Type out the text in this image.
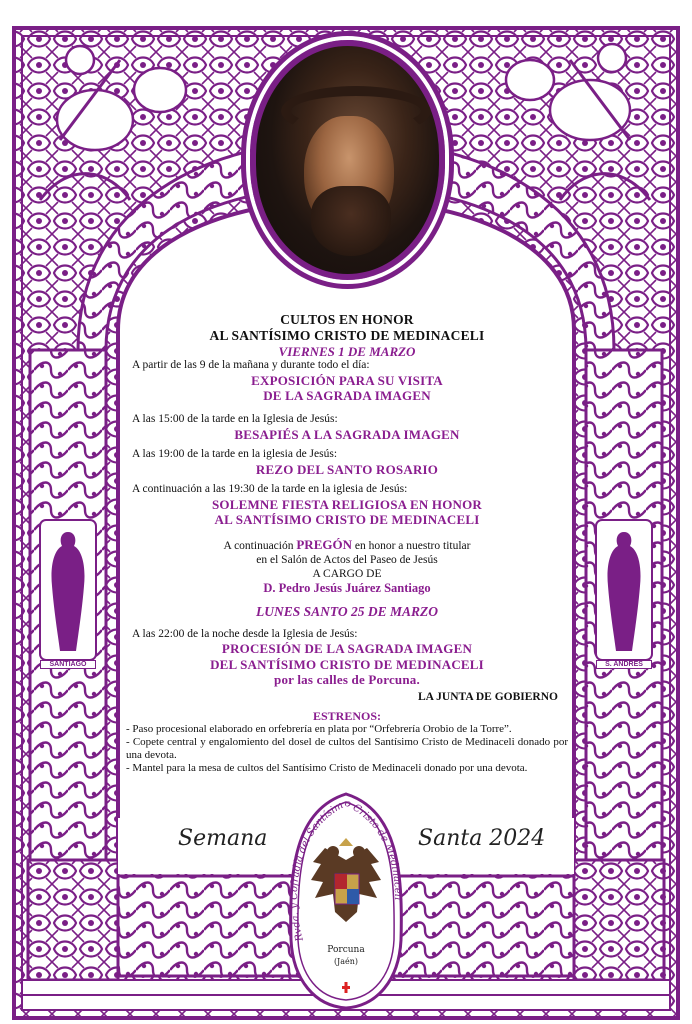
SANTIAGO	S. ANDRÉS
CULTOS EN HONOR
AL SANTÍSIMO CRISTO DE MEDINACELI
VIERNES 1 DE MARZO
A partir de las 9 de la mañana y durante todo el día:
EXPOSICIÓN PARA SU VISITA
DE LA SAGRADA IMAGEN
A las 15:00 de la tarde en la Iglesia de Jesús:
BESAPIÉS A LA SAGRADA IMAGEN
A las 19:00 de la tarde en la iglesia de Jesús:
REZO DEL SANTO ROSARIO
A continuación a las 19:30 de la tarde en la iglesia de Jesús:
SOLEMNE FIESTA RELIGIOSA EN HONOR
AL SANTÍSIMO CRISTO DE MEDINACELI
A continuación PREGÓN en honor a nuestro titular
en el Salón de Actos del Paseo de Jesús
A CARGO DE
D. Pedro Jesús Juárez Santiago
LUNES SANTO 25 DE MARZO
A las 22:00 de la noche desde la Iglesia de Jesús:
PROCESIÓN DE LA SAGRADA IMAGEN
DEL SANTÍSIMO CRISTO DE MEDINACELI
por las calles de Porcuna.
LA JUNTA DE GOBIERNO
ESTRENOS:
- Paso procesional elaborado en orfebrería en plata por “Orfebrería Orobio de la Torre”.
- Copete central y engalomiento del dosel de cultos del Santísimo Cristo de Medinaceli donado por una devota.
- Mantel para la mesa de cultos del Santísimo Cristo de Medinaceli donado por una devota.
Semana	Santa 2024
Rvda. y Cofradía del Santísimo Cristo de Medinaceli
Porcuna
(Jaén)
